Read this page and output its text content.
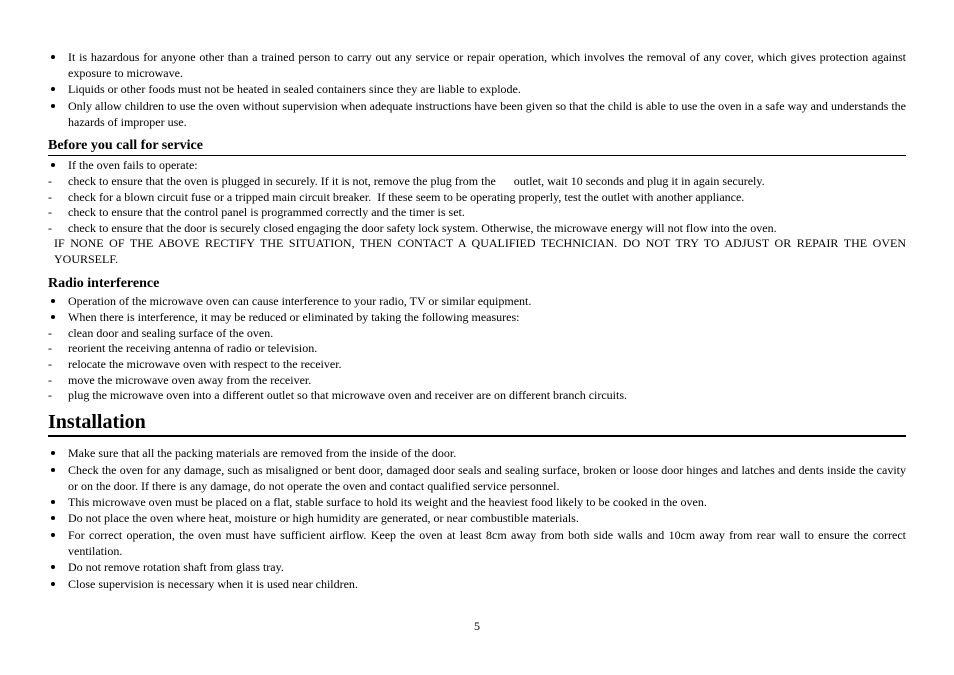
It is hazardous for anyone other than a trained person to carry out any service or repair operation, which involves the removal of any cover, which gives protection against exposure to microwave.
Liquids or other foods must not be heated in sealed containers since they are liable to explode.
Only allow children to use the oven without supervision when adequate instructions have been given so that the child is able to use the oven in a safe way and understands the hazards of improper use.
Before you call for service
If the oven fails to operate:
-	check to ensure that the oven is plugged in securely. If it is not, remove the plug from the      outlet, wait 10 seconds and plug it in again securely.
-	check for a blown circuit fuse or a tripped main circuit breaker.  If these seem to be operating properly, test the outlet with another appliance.
-	check to ensure that the control panel is programmed correctly and the timer is set.
-	check to ensure that the door is securely closed engaging the door safety lock system. Otherwise, the microwave energy will not flow into the oven.
IF NONE OF THE ABOVE RECTIFY THE SITUATION, THEN CONTACT A QUALIFIED TECHNICIAN. DO NOT TRY TO ADJUST OR REPAIR THE OVEN YOURSELF.
Radio interference
Operation of the microwave oven can cause interference to your radio, TV or similar equipment.
When there is interference, it may be reduced or eliminated by taking the following measures:
-	clean door and sealing surface of the oven.
-	reorient the receiving antenna of radio or television.
-	relocate the microwave oven with respect to the receiver.
-	move the microwave oven away from the receiver.
-	plug the microwave oven into a different outlet so that microwave oven and receiver are on different branch circuits.
Installation
Make sure that all the packing materials are removed from the inside of the door.
Check the oven for any damage, such as misaligned or bent door, damaged door seals and sealing surface, broken or loose door hinges and latches and dents inside the cavity or on the door. If there is any damage, do not operate the oven and contact qualified service personnel.
This microwave oven must be placed on a flat, stable surface to hold its weight and the heaviest food likely to be cooked in the oven.
Do not place the oven where heat, moisture or high humidity are generated, or near combustible materials.
For correct operation, the oven must have sufficient airflow. Keep the oven at least 8cm away from both side walls and 10cm away from rear wall to ensure the correct ventilation.
Do not remove rotation shaft from glass tray.
Close supervision is necessary when it is used near children.
5
